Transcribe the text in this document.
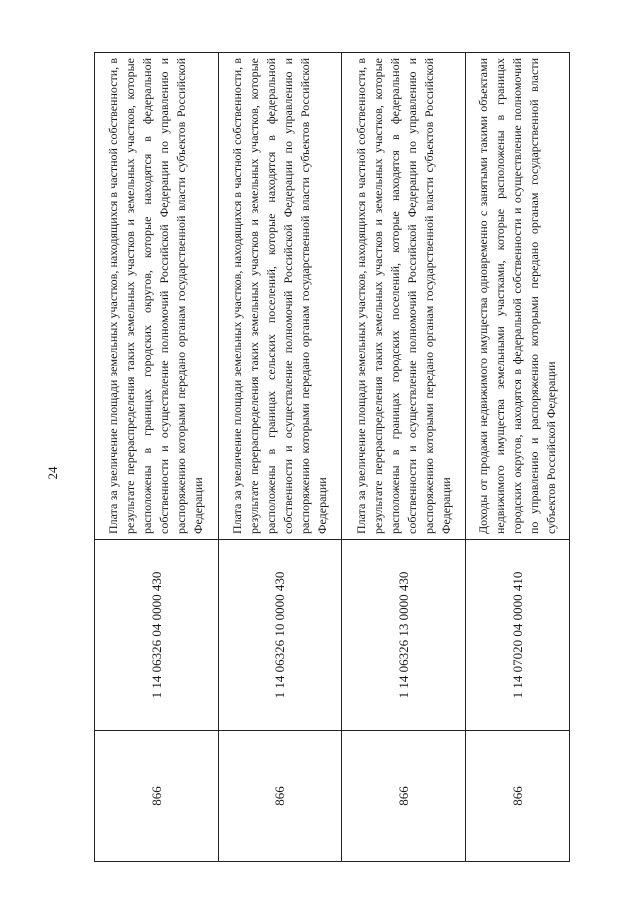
24
866	1 14 06326 04 0000 430	Плата за увеличение площади земельных участков, находящихся в частной собственности, в результате перераспределения таких земельных участков и земельных участков, которые расположены в границах городских округов, которые находятся в федеральной собственности и осуществление полномочий Российской Федерации по управлению и распоряжению которыми передано органам государственной власти субъектов Российской Федерации
866	1 14 06326 10 0000 430	Плата за увеличение площади земельных участков, находящихся в частной собственности, в результате перераспределения таких земельных участков и земельных участков, которые расположены в границах сельских поселений, которые находятся в федеральной собственности и осуществление полномочий Российской Федерации по управлению и распоряжению которыми передано органам государственной власти субъектов Российской Федерации
866	1 14 06326 13 0000 430	Плата за увеличение площади земельных участков, находящихся в частной собственности, в результате перераспределения таких земельных участков и земельных участков, которые расположены в границах городских поселений, которые находятся в федеральной собственности и осуществление полномочий Российской Федерации по управлению и распоряжению которыми передано органам государственной власти субъектов Российской Федерации
866	1 14 07020 04 0000 410	Доходы от продажи недвижимого имущества одновременно с занятыми такими объектами недвижимого имущества земельными участками, которые расположены в границах городских округов, находятся в федеральной собственности и осуществление полномочий по управлению и распоряжению которыми передано органам государственной власти субъектов Российской Федерации
